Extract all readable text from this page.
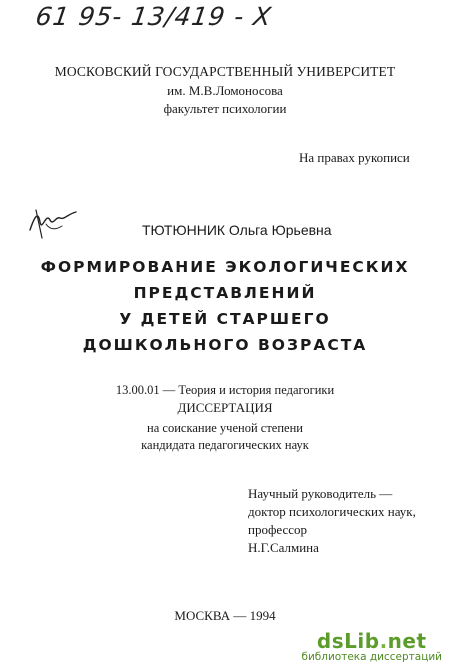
61 95- 13/419 - X
МОСКОВСКИЙ ГОСУДАРСТВЕННЫЙ УНИВЕРСИТЕТ
им. М.В.Ломоносова
факультет психологии
На правах рукописи
ТЮТЮННИК Ольга Юрьевна
ФОРМИРОВАНИЕ ЭКОЛОГИЧЕСКИХ
ПРЕДСТАВЛЕНИЙ
У ДЕТЕЙ СТАРШЕГО
ДОШКОЛЬНОГО ВОЗРАСТА
13.00.01 — Теория и история педагогики
ДИССЕРТАЦИЯ
на соискание ученой степени
кандидата педагогических наук
Научный руководитель —
доктор психологических наук,
профессор
Н.Г.Салмина
МОСКВА — 1994
dsLib.net
библиотека диссертаций
